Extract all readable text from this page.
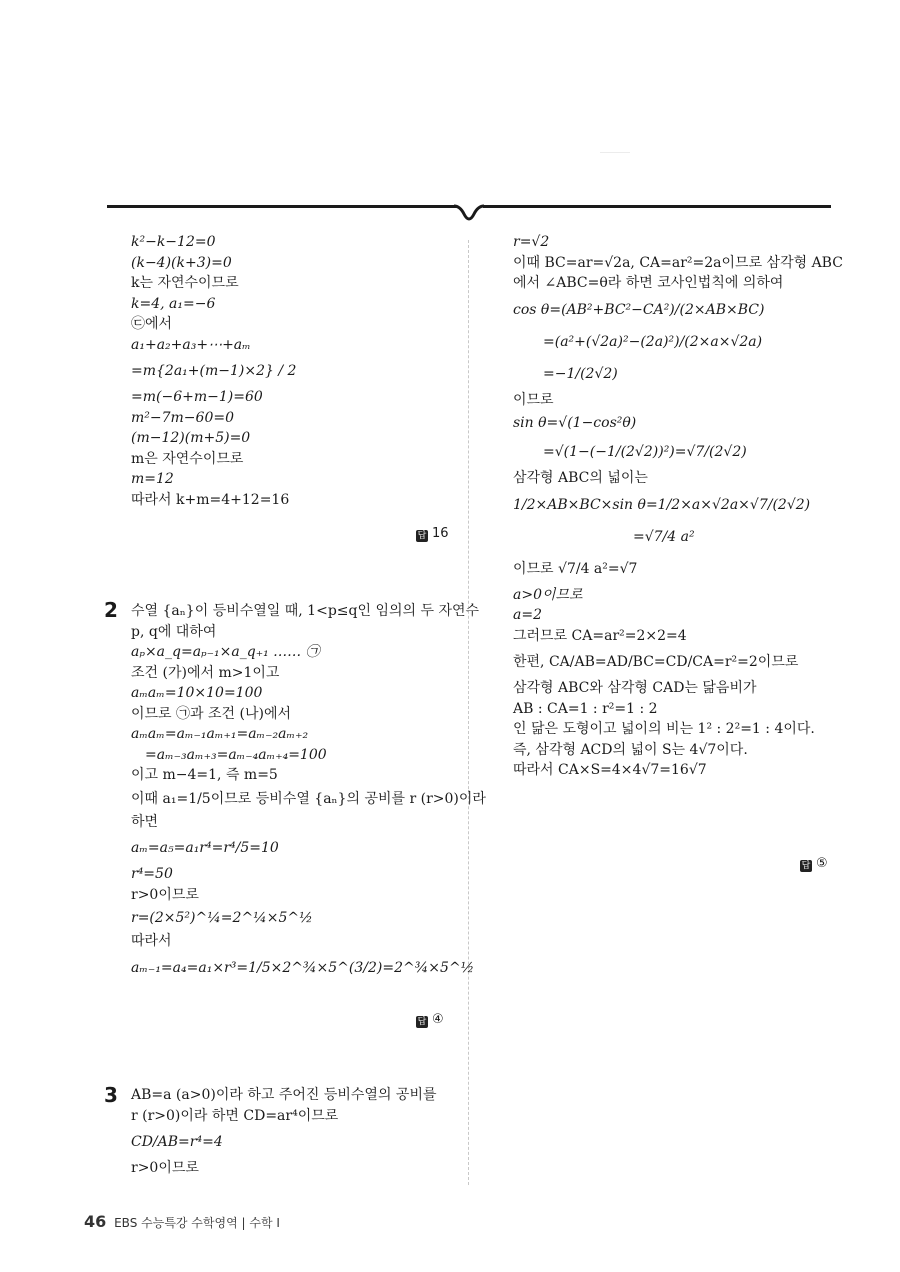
k²−k−12=0
(k−4)(k+3)=0
k는 자연수이므로
k=4, a₁=−6
㉢에서
a₁+a₂+a₃+⋯+aₘ
=m{2a₁+(m−1)×2} / 2
=m(−6+m−1)=60
m²−7m−60=0
(m−12)(m+5)=0
m은 자연수이므로
m=12
따라서 k+m=4+12=16
답 16
2 수열 {aₙ}이 등비수열일 때, 1<p≤q인 임의의 두 자연수
p, q에 대하여
aₚ×a_q=aₚ₋₁×a_q₊₁ …… ㉠
조건 (가)에서 m>1이고
aₘaₘ=10×10=100
이므로 ㉠과 조건 (나)에서
aₘaₘ=aₘ₋₁aₘ₊₁=aₘ₋₂aₘ₊₂
=aₘ₋₃aₘ₊₃=aₘ₋₄aₘ₊₄=100
이고 m−4=1, 즉 m=5
이때 a₁=1/5이므로 등비수열 {aₙ}의 공비를 r (r>0)이라
하면
aₘ=a₅=a₁r⁴=r⁴/5=10
r⁴=50
r>0이므로
r=(2×5²)^¼=2^¼×5^½
따라서
aₘ₋₁=a₄=a₁×r³=1/5×2^¾×5^(3/2)=2^¾×5^½
답 ④
3 AB=a (a>0)이라 하고 주어진 등비수열의 공비를
r (r>0)이라 하면 CD=ar⁴이므로
CD/AB=r⁴=4
r>0이므로
r=√2
이때 BC=ar=√2a, CA=ar²=2a이므로 삼각형 ABC
에서 ∠ABC=θ라 하면 코사인법칙에 의하여
cos θ=(AB²+BC²−CA²)/(2×AB×BC)
=(a²+(√2a)²−(2a)²)/(2×a×√2a)
=−1/(2√2)
이므로
sin θ=√(1−cos²θ)
=√(1−(−1/(2√2))²)=√7/(2√2)
삼각형 ABC의 넓이는
1/2×AB×BC×sin θ=1/2×a×√2a×√7/(2√2)
=√7/4 a²
이므로 √7/4 a²=√7
a>0이므로
a=2
그러므로 CA=ar²=2×2=4
한편, CA/AB=AD/BC=CD/CA=r²=2이므로
삼각형 ABC와 삼각형 CAD는 닮음비가
AB : CA=1 : r²=1 : 2
인 닮은 도형이고 넓이의 비는 1² : 2²=1 : 4이다.
즉, 삼각형 ACD의 넓이 S는 4√7이다.
따라서 CA×S=4×4√7=16√7
답 ⑤
46 EBS 수능특강 수학영역 | 수학 I
